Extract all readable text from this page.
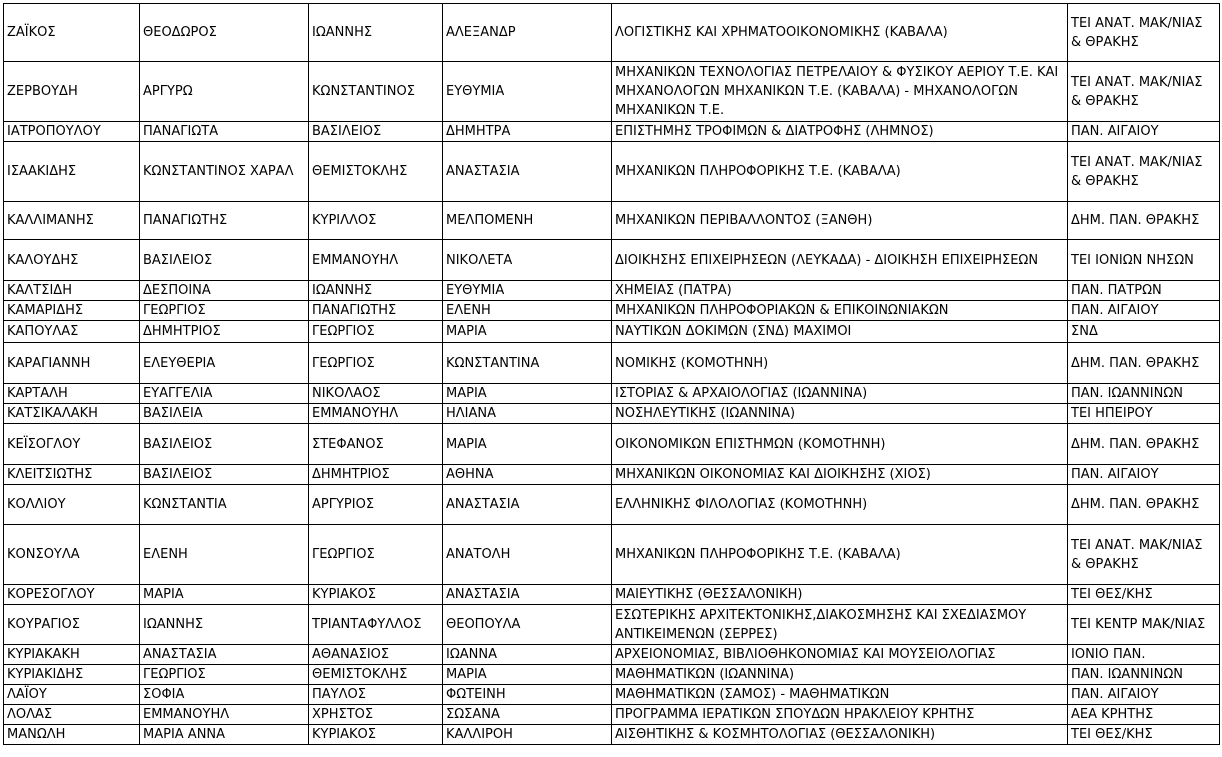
ΖΑΪΚΟΣ	ΘΕΟΔΩΡΟΣ	ΙΩΑΝΝΗΣ	ΑΛΕΞΑΝΔΡ	ΛΟΓΙΣΤΙΚΗΣ ΚΑΙ ΧΡΗΜΑΤΟΟΙΚΟΝΟΜΙΚΗΣ (ΚΑΒΑΛΑ)	ΤΕΙ ΑΝΑΤ. ΜΑΚ/ΝΙΑΣ & ΘΡΑΚΗΣ
ΖΕΡΒΟΥΔΗ	ΑΡΓΥΡΩ	ΚΩΝΣΤΑΝΤΙΝΟΣ	ΕΥΘΥΜΙΑ	ΜΗΧΑΝΙΚΩΝ ΤΕΧΝΟΛΟΓΙΑΣ ΠΕΤΡΕΛΑΙΟΥ & ΦΥΣΙΚΟΥ ΑΕΡΙΟΥ Τ.Ε. ΚΑΙ ΜΗΧΑΝΟΛΟΓΩΝ ΜΗΧΑΝΙΚΩΝ Τ.Ε. (ΚΑΒΑΛΑ) - ΜΗΧΑΝΟΛΟΓΩΝ ΜΗΧΑΝΙΚΩΝ Τ.Ε.	ΤΕΙ ΑΝΑΤ. ΜΑΚ/ΝΙΑΣ & ΘΡΑΚΗΣ
ΙΑΤΡΟΠΟΥΛΟΥ	ΠΑΝΑΓΙΩΤΑ	ΒΑΣΙΛΕΙΟΣ	ΔΗΜΗΤΡΑ	ΕΠΙΣΤΗΜΗΣ ΤΡΟΦΙΜΩΝ & ΔΙΑΤΡΟΦΗΣ (ΛΗΜΝΟΣ)	ΠΑΝ. ΑΙΓΑΙΟΥ
ΙΣΑΑΚΙΔΗΣ	ΚΩΝΣΤΑΝΤΙΝΟΣ ΧΑΡΑΛ	ΘΕΜΙΣΤΟΚΛΗΣ	ΑΝΑΣΤΑΣΙΑ	ΜΗΧΑΝΙΚΩΝ ΠΛΗΡΟΦΟΡΙΚΗΣ Τ.Ε. (ΚΑΒΑΛΑ)	ΤΕΙ ΑΝΑΤ. ΜΑΚ/ΝΙΑΣ & ΘΡΑΚΗΣ
ΚΑΛΛΙΜΑΝΗΣ	ΠΑΝΑΓΙΩΤΗΣ	ΚΥΡΙΛΛΟΣ	ΜΕΛΠΟΜΕΝΗ	ΜΗΧΑΝΙΚΩΝ ΠΕΡΙΒΑΛΛΟΝΤΟΣ (ΞΑΝΘΗ)	ΔΗΜ. ΠΑΝ. ΘΡΑΚΗΣ
ΚΑΛΟΥΔΗΣ	ΒΑΣΙΛΕΙΟΣ	ΕΜΜΑΝΟΥΗΛ	ΝΙΚΟΛΕΤΑ	ΔΙΟΙΚΗΣΗΣ ΕΠΙΧΕΙΡΗΣΕΩΝ (ΛΕΥΚΑΔΑ) - ΔΙΟΙΚΗΣΗ ΕΠΙΧΕΙΡΗΣΕΩΝ	ΤΕΙ ΙΟΝΙΩΝ ΝΗΣΩΝ
ΚΑΛΤΣΙΔΗ	ΔΕΣΠΟΙΝΑ	ΙΩΑΝΝΗΣ	ΕΥΘΥΜΙΑ	ΧΗΜΕΙΑΣ (ΠΑΤΡΑ)	ΠΑΝ. ΠΑΤΡΩΝ
ΚΑΜΑΡΙΔΗΣ	ΓΕΩΡΓΙΟΣ	ΠΑΝΑΓΙΩΤΗΣ	ΕΛΕΝΗ	ΜΗΧΑΝΙΚΩΝ ΠΛΗΡΟΦΟΡΙΑΚΩΝ & ΕΠΙΚΟΙΝΩΝΙΑΚΩΝ	ΠΑΝ. ΑΙΓΑΙΟΥ
ΚΑΠΟΥΛΑΣ	ΔΗΜΗΤΡΙΟΣ	ΓΕΩΡΓΙΟΣ	ΜΑΡΙΑ	ΝΑΥΤΙΚΩΝ ΔΟΚΙΜΩΝ (ΣΝΔ) ΜΑΧΙΜΟΙ	ΣΝΔ
ΚΑΡΑΓΙΑΝΝΗ	ΕΛΕΥΘΕΡΙΑ	ΓΕΩΡΓΙΟΣ	ΚΩΝΣΤΑΝΤΙΝΑ	ΝΟΜΙΚΗΣ (ΚΟΜΟΤΗΝΗ)	ΔΗΜ. ΠΑΝ. ΘΡΑΚΗΣ
ΚΑΡΤΑΛΗ	ΕΥΑΓΓΕΛΙΑ	ΝΙΚΟΛΑΟΣ	ΜΑΡΙΑ	ΙΣΤΟΡΙΑΣ & ΑΡΧΑΙΟΛΟΓΙΑΣ (ΙΩΑΝΝΙΝΑ)	ΠΑΝ. ΙΩΑΝΝΙΝΩΝ
ΚΑΤΣΙΚΑΛΑΚΗ	ΒΑΣΙΛΕΙΑ	ΕΜΜΑΝΟΥΗΛ	ΗΛΙΑΝΑ	ΝΟΣΗΛΕΥΤΙΚΗΣ (ΙΩΑΝΝΙΝΑ)	ΤΕΙ ΗΠΕΙΡΟΥ
ΚΕΪΣΟΓΛΟΥ	ΒΑΣΙΛΕΙΟΣ	ΣΤΕΦΑΝΟΣ	ΜΑΡΙΑ	ΟΙΚΟΝΟΜΙΚΩΝ ΕΠΙΣΤΗΜΩΝ (ΚΟΜΟΤΗΝΗ)	ΔΗΜ. ΠΑΝ. ΘΡΑΚΗΣ
ΚΛΕΙΤΣΙΩΤΗΣ	ΒΑΣΙΛΕΙΟΣ	ΔΗΜΗΤΡΙΟΣ	ΑΘΗΝΑ	ΜΗΧΑΝΙΚΩΝ ΟΙΚΟΝΟΜΙΑΣ ΚΑΙ ΔΙΟΙΚΗΣΗΣ (ΧΙΟΣ)	ΠΑΝ. ΑΙΓΑΙΟΥ
ΚΟΛΛΙΟΥ	ΚΩΝΣΤΑΝΤΙΑ	ΑΡΓΥΡΙΟΣ	ΑΝΑΣΤΑΣΙΑ	ΕΛΛΗΝΙΚΗΣ ΦΙΛΟΛΟΓΙΑΣ (ΚΟΜΟΤΗΝΗ)	ΔΗΜ. ΠΑΝ. ΘΡΑΚΗΣ
ΚΟΝΣΟΥΛΑ	ΕΛΕΝΗ	ΓΕΩΡΓΙΟΣ	ΑΝΑΤΟΛΗ	ΜΗΧΑΝΙΚΩΝ ΠΛΗΡΟΦΟΡΙΚΗΣ Τ.Ε. (ΚΑΒΑΛΑ)	ΤΕΙ ΑΝΑΤ. ΜΑΚ/ΝΙΑΣ & ΘΡΑΚΗΣ
ΚΟΡΕΣΟΓΛΟΥ	ΜΑΡΙΑ	ΚΥΡΙΑΚΟΣ	ΑΝΑΣΤΑΣΙΑ	ΜΑΙΕΥΤΙΚΗΣ (ΘΕΣΣΑΛΟΝΙΚΗ)	ΤΕΙ ΘΕΣ/ΚΗΣ
ΚΟΥΡΑΓΙΟΣ	ΙΩΑΝΝΗΣ	ΤΡΙΑΝΤΑΦΥΛΛΟΣ	ΘΕΟΠΟΥΛΑ	ΕΣΩΤΕΡΙΚΗΣ ΑΡΧΙΤΕΚΤΟΝΙΚΗΣ,ΔΙΑΚΟΣΜΗΣΗΣ ΚΑΙ ΣΧΕΔΙΑΣΜΟΥ ΑΝΤΙΚΕΙΜΕΝΩΝ (ΣΕΡΡΕΣ)	ΤΕΙ ΚΕΝΤΡ ΜΑΚ/ΝΙΑΣ
ΚΥΡΙΑΚΑΚΗ	ΑΝΑΣΤΑΣΙΑ	ΑΘΑΝΑΣΙΟΣ	ΙΩΑΝΝΑ	ΑΡΧΕΙΟΝΟΜΙΑΣ, ΒΙΒΛΙΟΘΗΚΟΝΟΜΙΑΣ ΚΑΙ ΜΟΥΣΕΙΟΛΟΓΙΑΣ	ΙΟΝΙΟ ΠΑΝ.
ΚΥΡΙΑΚΙΔΗΣ	ΓΕΩΡΓΙΟΣ	ΘΕΜΙΣΤΟΚΛΗΣ	ΜΑΡΙΑ	ΜΑΘΗΜΑΤΙΚΩΝ (ΙΩΑΝΝΙΝΑ)	ΠΑΝ. ΙΩΑΝΝΙΝΩΝ
ΛΑΪΟΥ	ΣΟΦΙΑ	ΠΑΥΛΟΣ	ΦΩΤΕΙΝΗ	ΜΑΘΗΜΑΤΙΚΩΝ (ΣΑΜΟΣ) - ΜΑΘΗΜΑΤΙΚΩΝ	ΠΑΝ. ΑΙΓΑΙΟΥ
ΛΟΛΑΣ	ΕΜΜΑΝΟΥΗΛ	ΧΡΗΣΤΟΣ	ΣΩΣΑΝΑ	ΠΡΟΓΡΑΜΜΑ ΙΕΡΑΤΙΚΩΝ ΣΠΟΥΔΩΝ ΗΡΑΚΛΕΙΟΥ ΚΡΗΤΗΣ	ΑΕΑ ΚΡΗΤΗΣ
ΜΑΝΩΛΗ	ΜΑΡΙΑ ΑΝΝΑ	ΚΥΡΙΑΚΟΣ	ΚΑΛΛΙΡΟΗ	ΑΙΣΘΗΤΙΚΗΣ & ΚΟΣΜΗΤΟΛΟΓΙΑΣ (ΘΕΣΣΑΛΟΝΙΚΗ)	ΤΕΙ ΘΕΣ/ΚΗΣ
